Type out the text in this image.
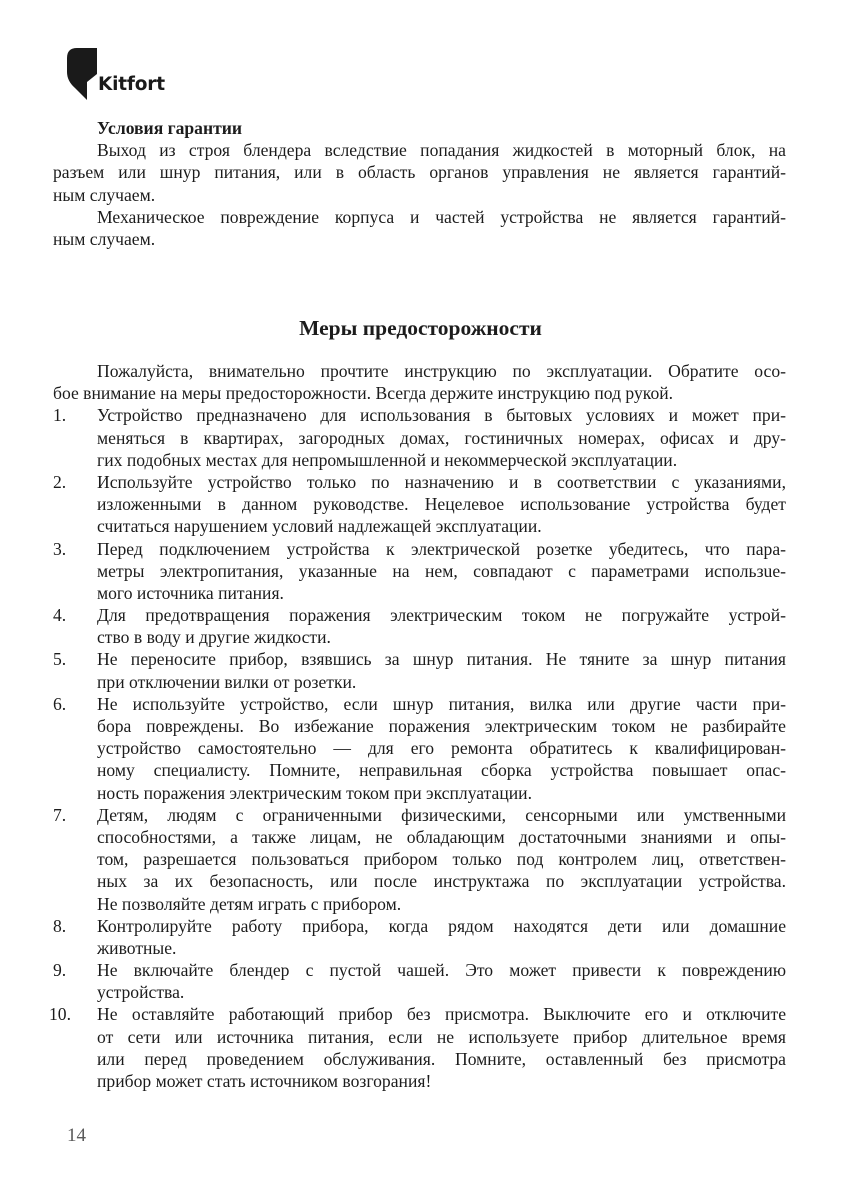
Kitfort
Условия гарантии
Выход из строя блендера вследствие попадания жидкостей в моторный блок, на
разъем или шнур питания, или в область органов управления не является гарантий-
ным случаем.
Механическое повреждение корпуса и частей устройства не является гарантий-
ным случаем.
Меры предосторожности
Пожалуйста, внимательно прочтите инструкцию по эксплуатации. Обратите осо-
бое внимание на меры предосторожности. Всегда держите инструкцию под рукой.
1.	Устройство предназначено для использования в бытовых условиях и может при-
меняться в квартирах, загородных домах, гостиничных номерах, офисах и дру-
гих подобных местах для непромышленной и некоммерческой эксплуатации.
2.	Используйте устройство только по назначению и в соответствии с указаниями,
изложенными в данном руководстве. Нецелевое использование устройства будет
считаться нарушением условий надлежащей эксплуатации.
3.	Перед подключением устройства к электрической розетке убедитесь, что пара-
метры электропитания, указанные на нем, совпадают с параметрами использue-
мого источника питания.
4.	Для предотвращения поражения электрическим током не погружайте устрой-
ство в воду и другие жидкости.
5.	Не переносите прибор, взявшись за шнур питания. Не тяните за шнур питания
при отключении вилки от розетки.
6.	Не используйте устройство, если шнур питания, вилка или другие части при-
бора повреждены. Во избежание поражения электрическим током не разбирайте
устройство самостоятельно — для его ремонта обратитесь к квалифицирован-
ному специалисту. Помните, неправильная сборка устройства повышает опас-
ность поражения электрическим током при эксплуатации.
7.	Детям, людям с ограниченными физическими, сенсорными или умственными
способностями, а также лицам, не обладающим достаточными знаниями и опы-
том, разрешается пользоваться прибором только под контролем лиц, ответствен-
ных за их безопасность, или после инструктажа по эксплуатации устройства.
Не позволяйте детям играть с прибором.
8.	Контролируйте работу прибора, когда рядом находятся дети или домашние
животные.
9.	Не включайте блендер с пустой чашей. Это может привести к повреждению
устройства.
10.	Не оставляйте работающий прибор без присмотра. Выключите его и отключите
от сети или источника питания, если не используете прибор длительное время
или перед проведением обслуживания. Помните, оставленный без присмотра
прибор может стать источником возгорания!
14
